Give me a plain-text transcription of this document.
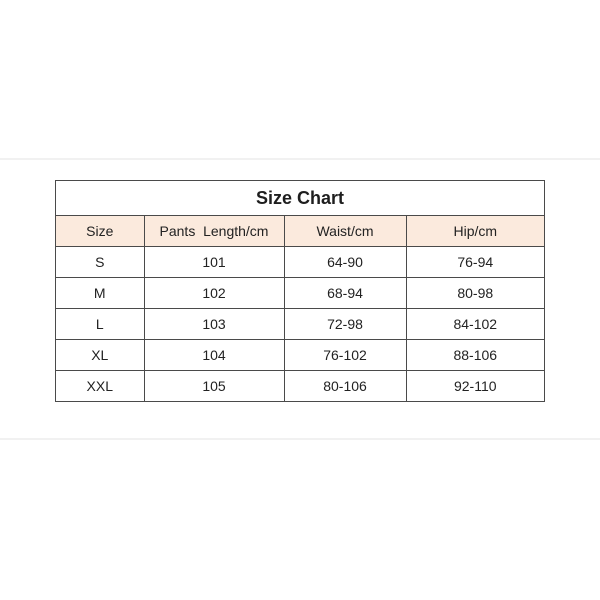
Size Chart
Size	Pants  Length/cm	Waist/cm	Hip/cm
S	101	64-90	76-94
M	102	68-94	80-98
L	103	72-98	84-102
XL	104	76-102	88-106
XXL	105	80-106	92-110
